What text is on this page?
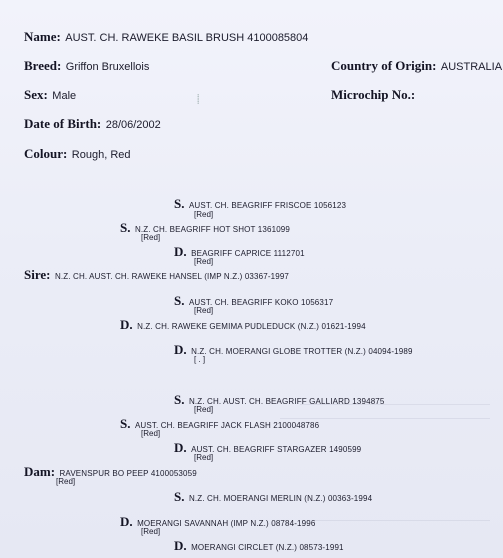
⸽
Name: AUST. CH. RAWEKE BASIL BRUSH 4100085804
Breed: Griffon Bruxellois	Country of Origin: AUSTRALIA
Sex: Male	Microchip No.:
Date of Birth: 28/06/2002
Colour: Rough, Red
S. AUST. CH. BEAGRIFF FRISCOE 1056123
[Red]
S. N.Z. CH. BEAGRIFF HOT SHOT 1361099
[Red]
D. BEAGRIFF CAPRICE 1112701
[Red]
Sire: N.Z. CH. AUST. CH. RAWEKE HANSEL (IMP N.Z.) 03367-1997
S. AUST. CH. BEAGRIFF KOKO 1056317
[Red]
D. N.Z. CH. RAWEKE GEMIMA PUDLEDUCK (N.Z.) 01621-1994
D. N.Z. CH. MOERANGI GLOBE TROTTER (N.Z.) 04094-1989
[ . ]
S. N.Z. CH. AUST. CH. BEAGRIFF GALLIARD 1394875
[Red]
S. AUST. CH. BEAGRIFF JACK FLASH 2100048786
[Red]
D. AUST. CH. BEAGRIFF STARGAZER 1490599
[Red]
Dam: RAVENSPUR BO PEEP 4100053059
[Red]
S. N.Z. CH. MOERANGI MERLIN (N.Z.) 00363-1994
D. MOERANGI SAVANNAH (IMP N.Z.) 08784-1996
[Red]
D. MOERANGI CIRCLET (N.Z.) 08573-1991
